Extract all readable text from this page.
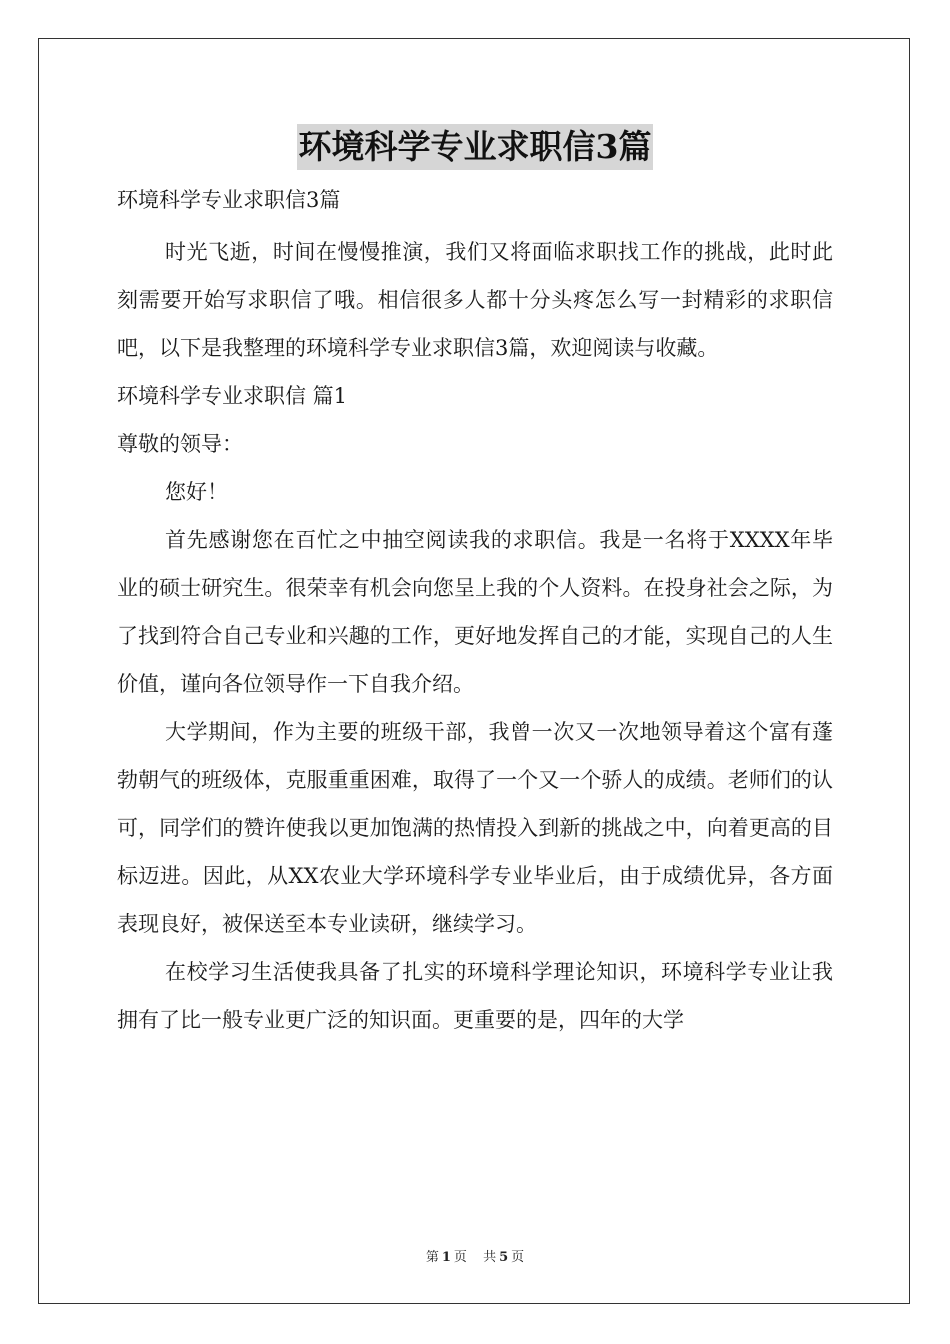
环境科学专业求职信3篇

环境科学专业求职信3篇

时光飞逝，时间在慢慢推演，我们又将面临求职找工作的挑战，此时此刻需要开始写求职信了哦。相信很多人都十分头疼怎么写一封精彩的求职信吧，以下是我整理的环境科学专业求职信3篇，欢迎阅读与收藏。

环境科学专业求职信 篇1

尊敬的领导：

您好！

首先感谢您在百忙之中抽空阅读我的求职信。我是一名将于XXXX年毕业的硕士研究生。很荣幸有机会向您呈上我的个人资料。在投身社会之际，为了找到符合自己专业和兴趣的工作，更好地发挥自己的才能，实现自己的人生价值，谨向各位领导作一下自我介绍。

大学期间，作为主要的班级干部，我曾一次又一次地领导着这个富有蓬勃朝气的班级体，克服重重困难，取得了一个又一个骄人的成绩。老师们的认可，同学们的赞许使我以更加饱满的热情投入到新的挑战之中，向着更高的目标迈进。因此，从XX农业大学环境科学专业毕业后，由于成绩优异，各方面表现良好，被保送至本专业读研，继续学习。

在校学习生活使我具备了扎实的环境科学理论知识，环境科学专业让我拥有了比一般专业更广泛的知识面。更重要的是，四年的大学

第 1 页 共 5 页
